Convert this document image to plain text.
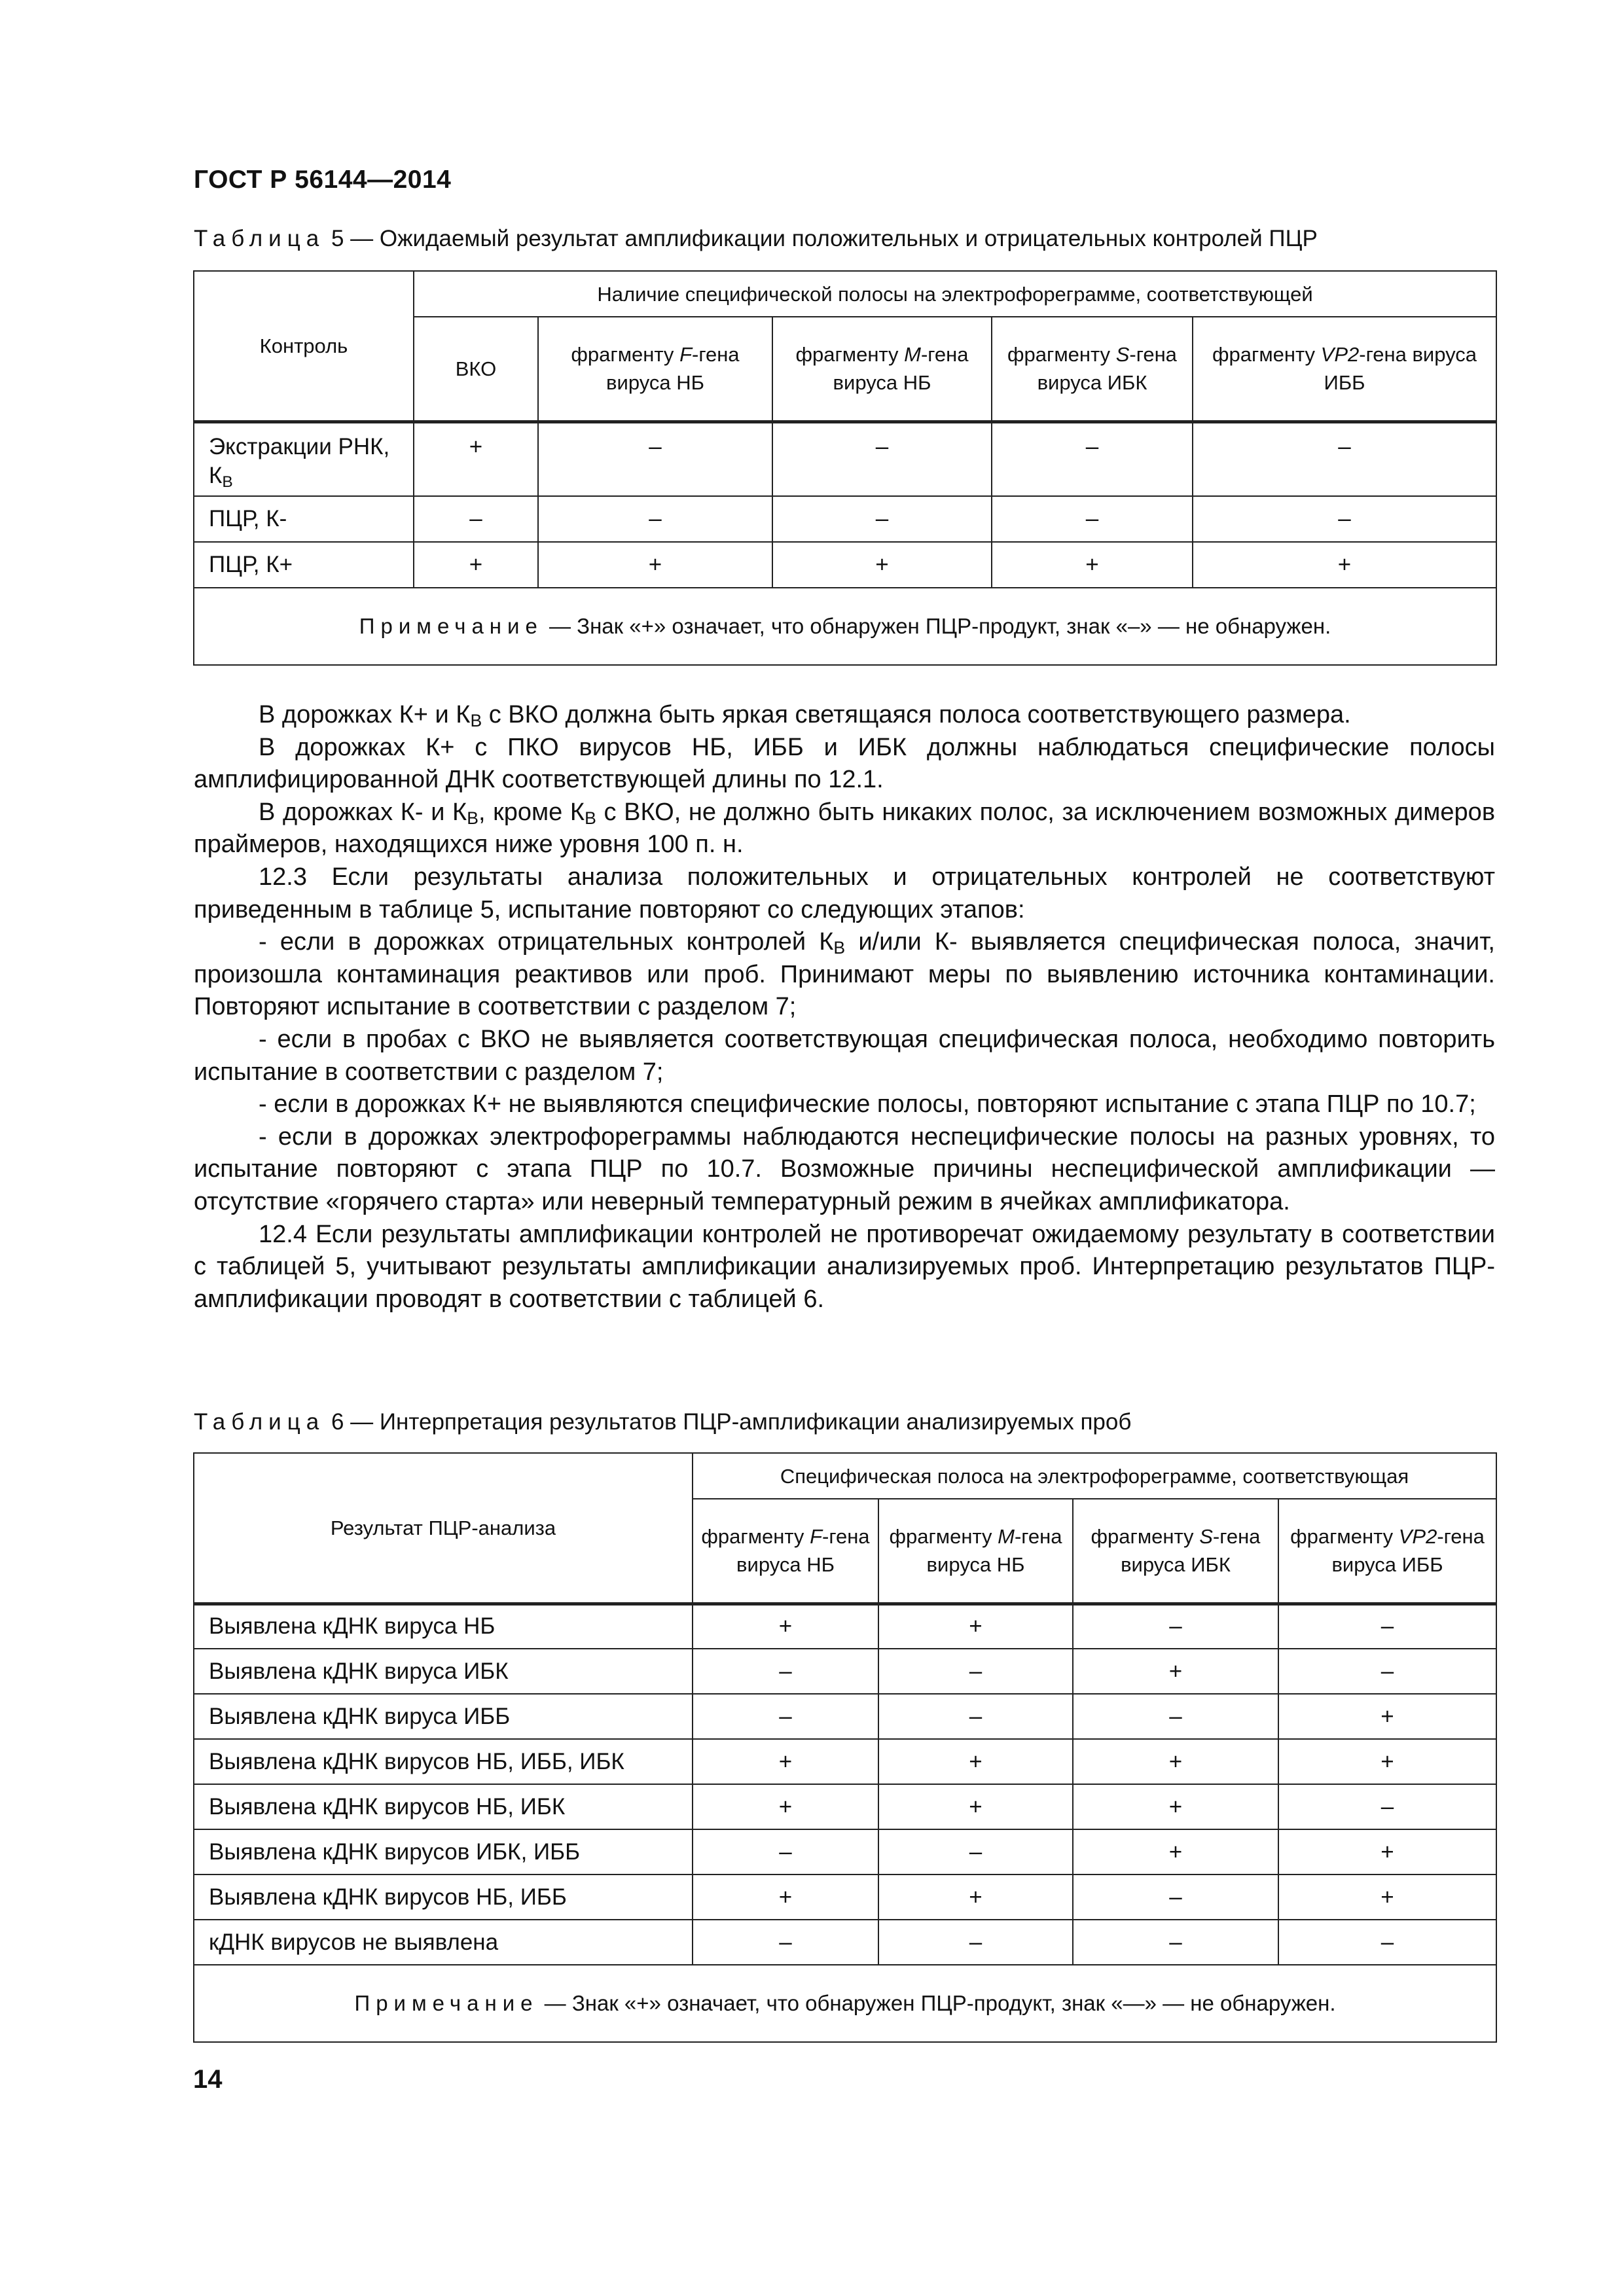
ГОСТ Р 56144—2014
Таблица 5 — Ожидаемый результат амплификации положительных и отрицательных контролей ПЦР
Контроль	Наличие специфической полосы на электрофореграмме, соответствующей				
	ВКО	фрагменту F-гена вируса НБ	фрагменту M-гена вируса НБ	фрагменту S-гена вируса ИБК	фрагменту VP2-гена вируса ИББ
Экстракции РНК, $К_В$	+	–	–	–	–
ПЦР, К-	–	–	–	–	–
ПЦР, К+	+	+	+	+	+
Примечание — Знак «+» означает, что обнаружен ПЦР-продукт, знак «–» — не обнаружен.					

В дорожках К+ и $К_В$ с ВКО должна быть яркая светящаяся полоса соответствующего размера.

В дорожках К+ с ПКО вирусов НБ, ИББ и ИБК должны наблюдаться специфические полосы амплифицированной ДНК соответствующей длины по 12.1.

В дорожках К- и $К_В$, кроме $К_В$ с ВКО, не должно быть никаких полос, за исключением возможных димеров праймеров, находящихся ниже уровня 100 п. н.

12.3 Если результаты анализа положительных и отрицательных контролей не соответствуют приведенным в таблице 5, испытание повторяют со следующих этапов:

- если в дорожках отрицательных контролей $К_В$ и/или К- выявляется специфическая полоса, значит, произошла контаминация реактивов или проб. Принимают меры по выявлению источника контаминации. Повторяют испытание в соответствии с разделом 7;

- если в пробах с ВКО не выявляется соответствующая специфическая полоса, необходимо повторить испытание в соответствии с разделом 7;

- если в дорожках К+ не выявляются специфические полосы, повторяют испытание с этапа ПЦР по 10.7;

- если в дорожках электрофореграммы наблюдаются неспецифические полосы на разных уровнях, то испытание повторяют с этапа ПЦР по 10.7. Возможные причины неспецифической амплификации — отсутствие «горячего старта» или неверный температурный режим в ячейках амплификатора.

12.4 Если результаты амплификации контролей не противоречат ожидаемому результату в соответствии с таблицей 5, учитывают результаты амплификации анализируемых проб. Интерпретацию результатов ПЦР-амплификации проводят в соответствии с таблицей 6.

Таблица 6 — Интерпретация результатов ПЦР-амплификации анализируемых проб
Результат ПЦР-анализа	Специфическая полоса на электрофореграмме, соответствующая			
	фрагменту F-гена вируса НБ	фрагменту M-гена вируса НБ	фрагменту S-гена вируса ИБК	фрагменту VP2-гена вируса ИББ
Выявлена кДНК вируса НБ	+	+	–	–
Выявлена кДНК вируса ИБК	–	–	+	–
Выявлена кДНК вируса ИББ	–	–	–	+
Выявлена кДНК вирусов НБ, ИББ, ИБК	+	+	+	+
Выявлена кДНК вирусов НБ, ИБК	+	+	+	–
Выявлена кДНК вирусов ИБК, ИББ	–	–	+	+
Выявлена кДНК вирусов НБ, ИББ	+	+	–	+
кДНК вирусов не выявлена	–	–	–	–
Примечание — Знак «+» означает, что обнаружен ПЦР-продукт, знак «—» — не обнаружен.				
14
